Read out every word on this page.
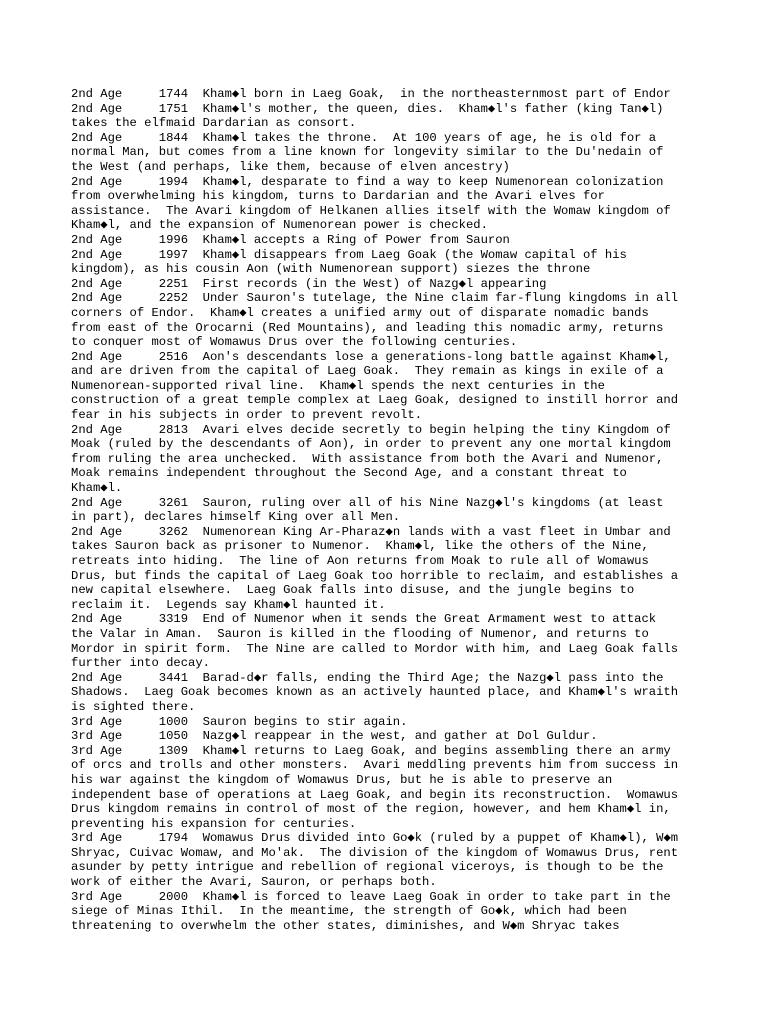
2nd Age     1744  Kham◆l born in Laeg Goak,  in the northeasternmost part of Endor
2nd Age     1751  Kham◆l's mother, the queen, dies.  Kham◆l's father (king Tan◆l)
takes the elfmaid Dardarian as consort.
2nd Age     1844  Kham◆l takes the throne.  At 100 years of age, he is old for a
normal Man, but comes from a line known for longevity similar to the Du'nedain of
the West (and perhaps, like them, because of elven ancestry)
2nd Age     1994  Kham◆l, desparate to find a way to keep Numenorean colonization
from overwhelming his kingdom, turns to Dardarian and the Avari elves for
assistance.  The Avari kingdom of Helkanen allies itself with the Womaw kingdom of
Kham◆l, and the expansion of Numenorean power is checked.
2nd Age     1996  Kham◆l accepts a Ring of Power from Sauron
2nd Age     1997  Kham◆l disappears from Laeg Goak (the Womaw capital of his
kingdom), as his cousin Aon (with Numenorean support) siezes the throne
2nd Age     2251  First records (in the West) of Nazg◆l appearing
2nd Age     2252  Under Sauron's tutelage, the Nine claim far-flung kingdoms in all
corners of Endor.  Kham◆l creates a unified army out of disparate nomadic bands
from east of the Orocarni (Red Mountains), and leading this nomadic army, returns
to conquer most of Womawus Drus over the following centuries.
2nd Age     2516  Aon's descendants lose a generations-long battle against Kham◆l,
and are driven from the capital of Laeg Goak.  They remain as kings in exile of a
Numenorean-supported rival line.  Kham◆l spends the next centuries in the
construction of a great temple complex at Laeg Goak, designed to instill horror and
fear in his subjects in order to prevent revolt.
2nd Age     2813  Avari elves decide secretly to begin helping the tiny Kingdom of
Moak (ruled by the descendants of Aon), in order to prevent any one mortal kingdom
from ruling the area unchecked.  With assistance from both the Avari and Numenor,
Moak remains independent throughout the Second Age, and a constant threat to
Kham◆l.
2nd Age     3261  Sauron, ruling over all of his Nine Nazg◆l's kingdoms (at least
in part), declares himself King over all Men.
2nd Age     3262  Numenorean King Ar-Pharaz◆n lands with a vast fleet in Umbar and
takes Sauron back as prisoner to Numenor.  Kham◆l, like the others of the Nine,
retreats into hiding.  The line of Aon returns from Moak to rule all of Womawus
Drus, but finds the capital of Laeg Goak too horrible to reclaim, and establishes a
new capital elsewhere.  Laeg Goak falls into disuse, and the jungle begins to
reclaim it.  Legends say Kham◆l haunted it.
2nd Age     3319  End of Numenor when it sends the Great Armament west to attack
the Valar in Aman.  Sauron is killed in the flooding of Numenor, and returns to
Mordor in spirit form.  The Nine are called to Mordor with him, and Laeg Goak falls
further into decay.
2nd Age     3441  Barad-d◆r falls, ending the Third Age; the Nazg◆l pass into the
Shadows.  Laeg Goak becomes known as an actively haunted place, and Kham◆l's wraith
is sighted there.
3rd Age     1000  Sauron begins to stir again.
3rd Age     1050  Nazg◆l reappear in the west, and gather at Dol Guldur.
3rd Age     1309  Kham◆l returns to Laeg Goak, and begins assembling there an army
of orcs and trolls and other monsters.  Avari meddling prevents him from success in
his war against the kingdom of Womawus Drus, but he is able to preserve an
independent base of operations at Laeg Goak, and begin its reconstruction.  Womawus
Drus kingdom remains in control of most of the region, however, and hem Kham◆l in,
preventing his expansion for centuries.
3rd Age     1794  Womawus Drus divided into Go◆k (ruled by a puppet of Kham◆l), W◆m
Shryac, Cuivac Womaw, and Mo'ak.  The division of the kingdom of Womawus Drus, rent
asunder by petty intrigue and rebellion of regional viceroys, is though to be the
work of either the Avari, Sauron, or perhaps both.
3rd Age     2000  Kham◆l is forced to leave Laeg Goak in order to take part in the
siege of Minas Ithil.  In the meantime, the strength of Go◆k, which had been
threatening to overwhelm the other states, diminishes, and W◆m Shryac takes
